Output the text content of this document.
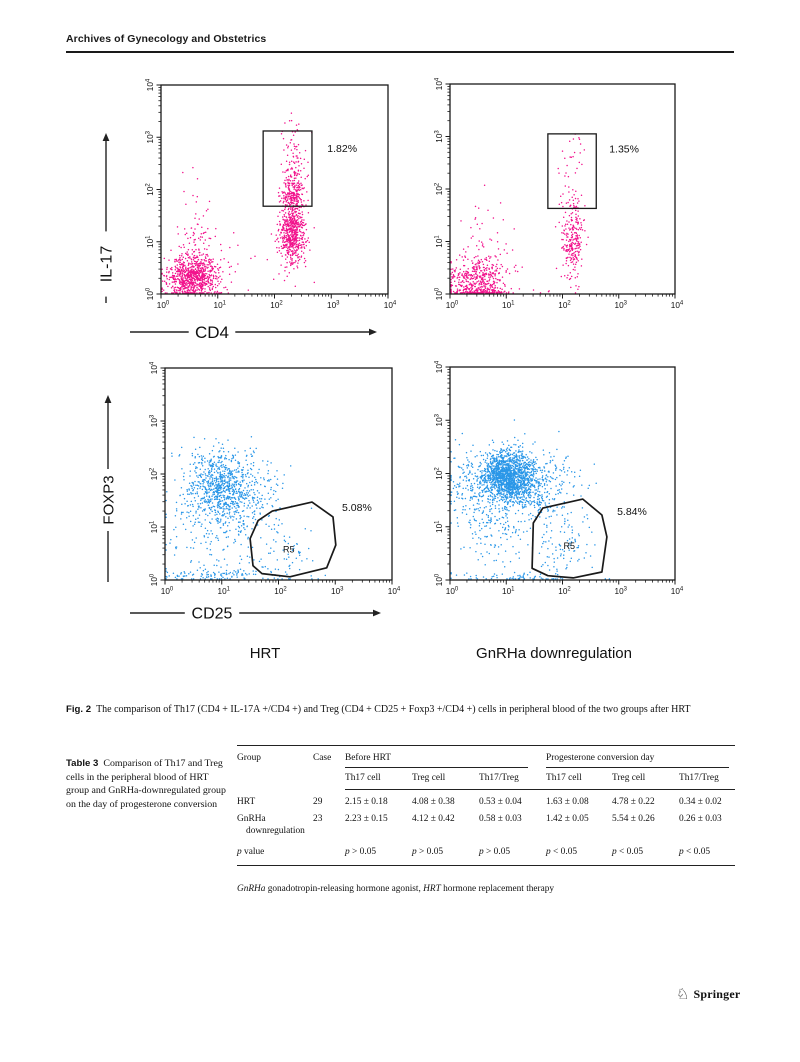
Archives of Gynecology and Obstetrics
$10^0$
$10^0$
$10^1$
$10^1$
$10^2$
$10^2$
$10^3$
$10^3$
$10^4$
$10^4$
1.82%
IL-17
CD4
$10^0$
$10^0$
$10^1$
$10^1$
$10^2$
$10^2$
$10^3$
$10^3$
$10^4$
$10^4$
1.35%
$10^0$
$10^0$
$10^1$
$10^1$
$10^2$
$10^2$
$10^3$
$10^3$
$10^4$
$10^4$
5.08%
R5
FOXP3
CD25
$10^0$
$10^0$
$10^1$
$10^1$
$10^2$
$10^2$
$10^3$
$10^3$
$10^4$
$10^4$
5.84%
R5
HRT	GnRHa downregulation

Fig. 2 The comparison of Th17 (CD4 + IL-17A +/CD4 +) and Treg (CD4 + CD25 + Foxp3 +/CD4 +) cells in peripheral blood of the two groups after HRT

Table 3 Comparison of Th17 and Treg cells in the peripheral blood of HRT group and GnRHa-downregulated group on the day of progesterone conversion

Group	Case	Before HRT			Progesterone conversion day		

		Th17 cell	Treg cell	Th17/Treg	Th17 cell	Treg cell	Th17/Treg
HRT	29	2.15 ± 0.18	4.08 ± 0.38	0.53 ± 0.04	1.63 ± 0.08	4.78 ± 0.22	0.34 ± 0.02
GnRHa downregulation	23	2.23 ± 0.15	4.12 ± 0.42	0.58 ± 0.03	1.42 ± 0.05	5.54 ± 0.26	0.26 ± 0.03
p value		p > 0.05	p > 0.05	p > 0.05	p < 0.05	p < 0.05	p < 0.05
GnRHa gonadotropin-releasing hormone agonist, HRT hormone replacement therapy
♘ Springer
